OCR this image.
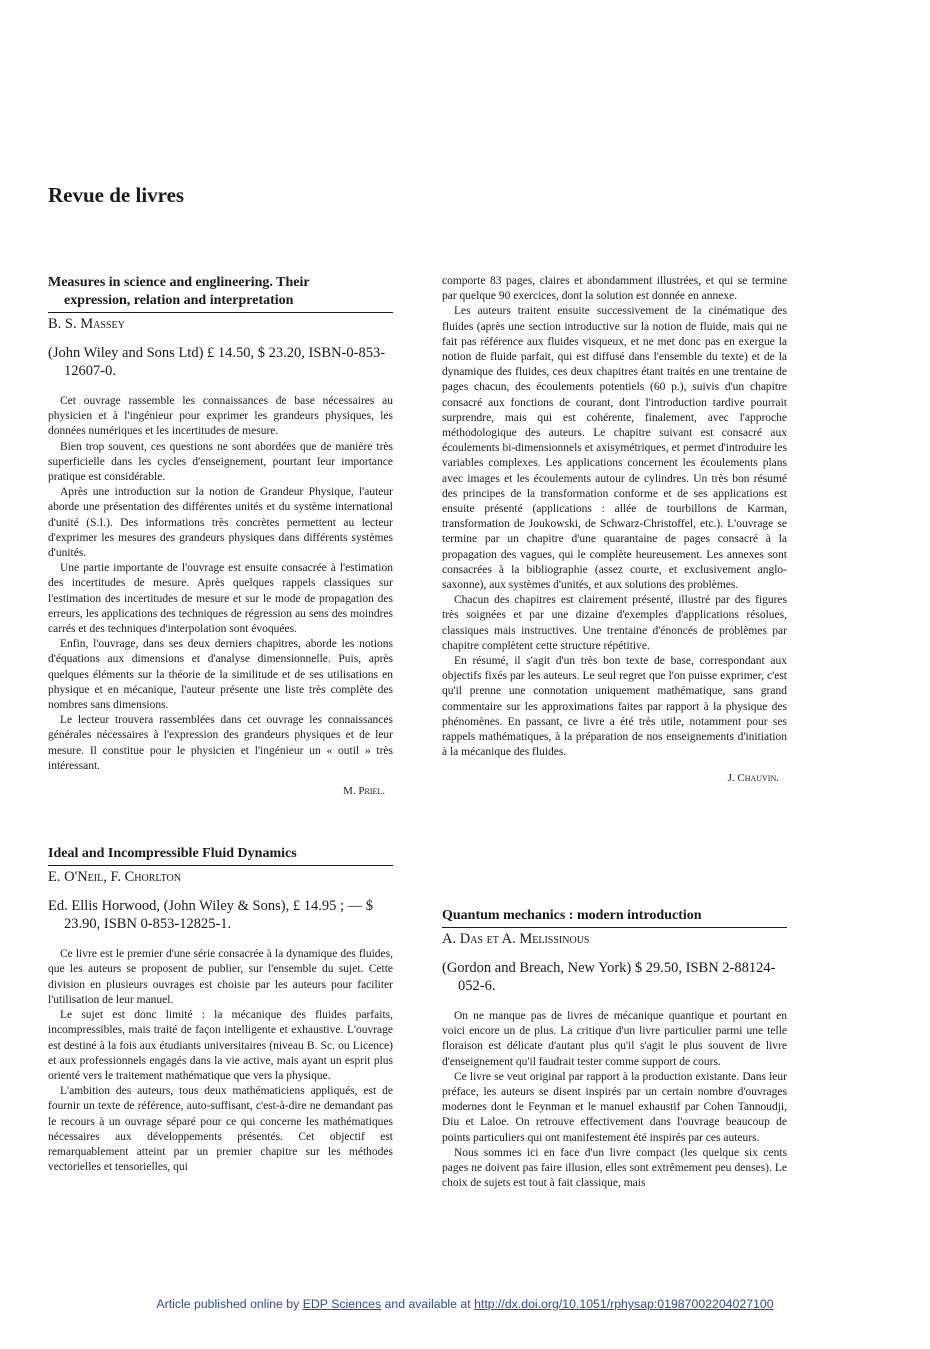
Revue de livres

Measures in science and englineering. Their
expression, relation and interpretation

B. S. Massey

(John Wiley and Sons Ltd) £ 14.50, $ 23.20, ISBN-0-853-12607-0.

Cet ouvrage rassemble les connaissances de base nécessaires au physicien et à l'ingénieur pour exprimer les grandeurs physiques, les données numériques et les incertitudes de mesure.

Bien trop souvent, ces questions ne sont abordées que de manière très superficielle dans les cycles d'enseignement, pourtant leur importance pratique est considérable.

Après une introduction sur la notion de Grandeur Physique, l'auteur aborde une présentation des différentes unités et du système international d'unité (S.I.). Des informations très concrètes permettent au lecteur d'exprimer les mesures des grandeurs physiques dans différents systèmes d'unités.

Une partie importante de l'ouvrage est ensuite consacrée à l'estimation des incertitudes de mesure. Après quelques rappels classiques sur l'estimation des incertitudes de mesure et sur le mode de propagation des erreurs, les applications des techniques de régression au sens des moindres carrés et des techniques d'interpolation sont évoquées.

Enfin, l'ouvrage, dans ses deux derniers chapitres, aborde les notions d'équations aux dimensions et d'analyse dimensionnelle. Puis, après quelques éléments sur la théorie de la similitude et de ses utilisations en physique et en mécanique, l'auteur présente une liste très complète des nombres sans dimensions.

Le lecteur trouvera rassemblées dans cet ouvrage les connaissances générales nécessaires à l'expression des grandeurs physiques et de leur mesure. Il constitue pour le physicien et l'ingénieur un « outil » très intéressant.

M. Priel.

Ideal and Incompressible Fluid Dynamics

E. O'Neil, F. Chorlton

Ed. Ellis Horwood, (John Wiley & Sons), £ 14.95 ; — $ 23.90, ISBN 0-853-12825-1.

Ce livre est le premier d'une série consacrée à la dynamique des fluides, que les auteurs se proposent de publier, sur l'ensemble du sujet. Cette division en plusieurs ouvrages est choisie par les auteurs pour faciliter l'utilisation de leur manuel.

Le sujet est donc limité : la mécanique des fluides parfaits, incompressibles, mais traité de façon intelligente et exhaustive. L'ouvrage est destiné à la fois aux étudiants universitaires (niveau B. Sc. ou Licence) et aux professionnels engagés dans la vie active, mais ayant un esprit plus orienté vers le traitement mathématique que vers la physique.

L'ambition des auteurs, tous deux mathématiciens appliqués, est de fournir un texte de référence, auto-suffisant, c'est-à-dire ne demandant pas le recours à un ouvrage séparé pour ce qui concerne les mathématiques nécessaires aux développements présentés. Cet objectif est remarquablement atteint par un premier chapitre sur les méthodes vectorielles et tensorielles, qui

comporte 83 pages, claires et abondamment illustrées, et qui se termine par quelque 90 exercices, dont la solution est donnée en annexe.

Les auteurs traitent ensuite successivement de la cinématique des fluides (après une section introductive sur la notion de fluide, mais qui ne fait pas référence aux fluides visqueux, et ne met donc pas en exergue la notion de fluide parfait, qui est diffusé dans l'ensemble du texte) et de la dynamique des fluides, ces deux chapitres étant traités en une trentaine de pages chacun, des écoulements potentiels (60 p.), suivis d'un chapitre consacré aux fonctions de courant, dont l'introduction tardive pourrait surprendre, mais qui est cohérente, finalement, avec l'approche méthodologique des auteurs. Le chapitre suivant est consacré aux écoulements bi-dimensionnels et axisymétriques, et permet d'introduire les variables complexes. Les applications concernent les écoulements plans avec images et les écoulements autour de cylindres. Un très bon résumé des principes de la transformation conforme et de ses applications est ensuite présenté (applications : allée de tourbillons de Karman, transformation de Joukowski, de Schwarz-Christoffel, etc.). L'ouvrage se termine par un chapitre d'une quarantaine de pages consacré à la propagation des vagues, qui le complète heureusement. Les annexes sont consacrées à la bibliographie (assez courte, et exclusivement anglo-saxonne), aux systèmes d'unités, et aux solutions des problèmes.

Chacun des chapitres est clairement présenté, illustré par des figures très soignées et par une dizaine d'exemples d'applications résolues, classiques mais instructives. Une trentaine d'énoncés de problèmes par chapitre complètent cette structure répétitive.

En résumé, il s'agit d'un très bon texte de base, correspondant aux objectifs fixés par les auteurs. Le seul regret que l'on puisse exprimer, c'est qu'il prenne une connotation uniquement mathématique, sans grand commentaire sur les approximations faites par rapport à la physique des phénomènes. En passant, ce livre a été très utile, notamment pour ses rappels mathématiques, à la préparation de nos enseignements d'initiation à la mécanique des fluides.

J. Chauvin.

Quantum mechanics : modern introduction

A. Das et A. Melissinous

(Gordon and Breach, New York) $ 29.50, ISBN 2-88124-052-6.

On ne manque pas de livres de mécanique quantique et pourtant en voici encore un de plus. La critique d'un livre particulier parmi une telle floraison est délicate d'autant plus qu'il s'agit le plus souvent de livre d'enseignement qu'il faudrait tester comme support de cours.

Ce livre se veut original par rapport à la production existante. Dans leur préface, les auteurs se disent inspirés par un certain nombre d'ouvrages modernes dont le Feynman et le manuel exhaustif par Cohen Tannoudji, Diu et Laloe. On retrouve effectivement dans l'ouvrage beaucoup de points particuliers qui ont manifestement été inspirés par ces auteurs.

Nous sommes ici en face d'un livre compact (les quelque six cents pages ne doivent pas faire illusion, elles sont extrêmement peu denses). Le choix de sujets est tout à fait classique, mais

Article published online by EDP Sciences and available at http://dx.doi.org/10.1051/rphysap:01987002204027100
